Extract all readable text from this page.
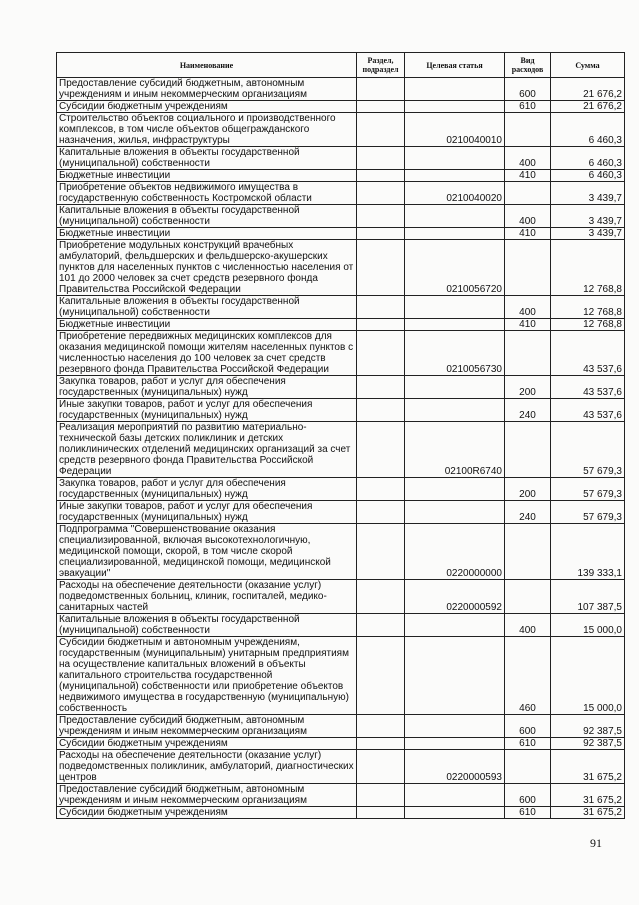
Наименование	Раздел, подраздел	Целевая статья	Вид расходов	Сумма
Предоставление субсидий бюджетным, автономным учреждениям и иным некоммерческим организациям			600	21 676,2
Субсидии бюджетным учреждениям			610	21 676,2
Строительство объектов социального и производственного комплексов, в том числе объектов общегражданского назначения, жилья, инфраструктуры		0210040010		6 460,3
Капитальные вложения в объекты государственной (муниципальной) собственности			400	6 460,3
Бюджетные инвестиции			410	6 460,3
Приобретение объектов недвижимого имущества в государственную собственность Костромской области		0210040020		3 439,7
Капитальные вложения в объекты государственной (муниципальной) собственности			400	3 439,7
Бюджетные инвестиции			410	3 439,7
Приобретение модульных конструкций врачебных амбулаторий, фельдшерских и фельдшерско-акушерских пунктов для населенных пунктов с численностью населения от 101 до 2000 человек за счет средств резервного фонда Правительства Российской Федерации		0210056720		12 768,8
Капитальные вложения в объекты государственной (муниципальной) собственности			400	12 768,8
Бюджетные инвестиции			410	12 768,8
Приобретение передвижных медицинских комплексов для оказания медицинской помощи жителям населенных пунктов с численностью населения до 100 человек за счет средств резервного фонда Правительства Российской Федерации		0210056730		43 537,6
Закупка товаров, работ и услуг для обеспечения государственных (муниципальных) нужд			200	43 537,6
Иные закупки товаров, работ и услуг для обеспечения государственных (муниципальных) нужд			240	43 537,6
Реализация мероприятий по развитию материально-технической базы детских поликлиник и детских поликлинических отделений медицинских организаций за счет средств резервного фонда Правительства Российской Федерации		02100R6740		57 679,3
Закупка товаров, работ и услуг для обеспечения государственных (муниципальных) нужд			200	57 679,3
Иные закупки товаров, работ и услуг для обеспечения государственных (муниципальных) нужд			240	57 679,3
Подпрограмма "Совершенствование оказания специализированной, включая высокотехнологичную, медицинской помощи, скорой, в том числе скорой специализированной, медицинской помощи, медицинской эвакуации"		0220000000		139 333,1
Расходы на обеспечение деятельности (оказание услуг) подведомственных больниц, клиник, госпиталей, медико-санитарных частей		0220000592		107 387,5
Капитальные вложения в объекты государственной (муниципальной) собственности			400	15 000,0
Субсидии бюджетным и автономным учреждениям, государственным (муниципальным) унитарным предприятиям на осуществление капитальных вложений в объекты капитального строительства государственной (муниципальной) собственности или приобретение объектов недвижимого имущества в государственную (муниципальную) собственность			460	15 000,0
Предоставление субсидий бюджетным, автономным учреждениям и иным некоммерческим организациям			600	92 387,5
Субсидии бюджетным учреждениям			610	92 387,5
Расходы на обеспечение деятельности (оказание услуг) подведомственных поликлиник, амбулаторий, диагностических центров		0220000593		31 675,2
Предоставление субсидий бюджетным, автономным учреждениям и иным некоммерческим организациям			600	31 675,2
Субсидии бюджетным учреждениям			610	31 675,2
91
